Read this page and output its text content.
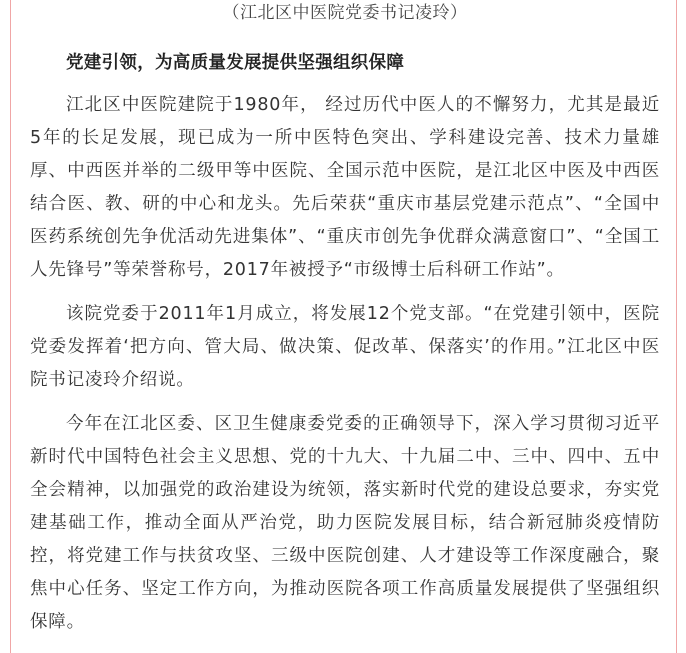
（江北区中医院党委书记凌玲）
党建引领，为高质量发展提供坚强组织保障

江北区中医院建院于1980年， 经过历代中医人的不懈努力，尤其是最近5年的长足发展，现已成为一所中医特色突出、学科建设完善、技术力量雄厚、中西医并举的二级甲等中医院、全国示范中医院，是江北区中医及中西医结合医、教、研的中心和龙头。先后荣获“重庆市基层党建示范点”、“全国中医药系统创先争优活动先进集体”、“重庆市创先争优群众满意窗口”、“全国工人先锋号”等荣誉称号，2017年被授予“市级博士后科研工作站”。

该院党委于2011年1月成立，将发展12个党支部。“在党建引领中，医院党委发挥着‘把方向、管大局、做决策、促改革、保落实’的作用。”江北区中医院书记凌玲介绍说。

今年在江北区委、区卫生健康委党委的正确领导下，深入学习贯彻习近平新时代中国特色社会主义思想、党的十九大、十九届二中、三中、四中、五中全会精神，以加强党的政治建设为统领，落实新时代党的建设总要求，夯实党建基础工作，推动全面从严治党，助力医院发展目标，结合新冠肺炎疫情防控，将党建工作与扶贫攻坚、三级中医院创建、人才建设等工作深度融合，聚焦中心任务、坚定工作方向，为推动医院各项工作高质量发展提供了坚强组织保障。
